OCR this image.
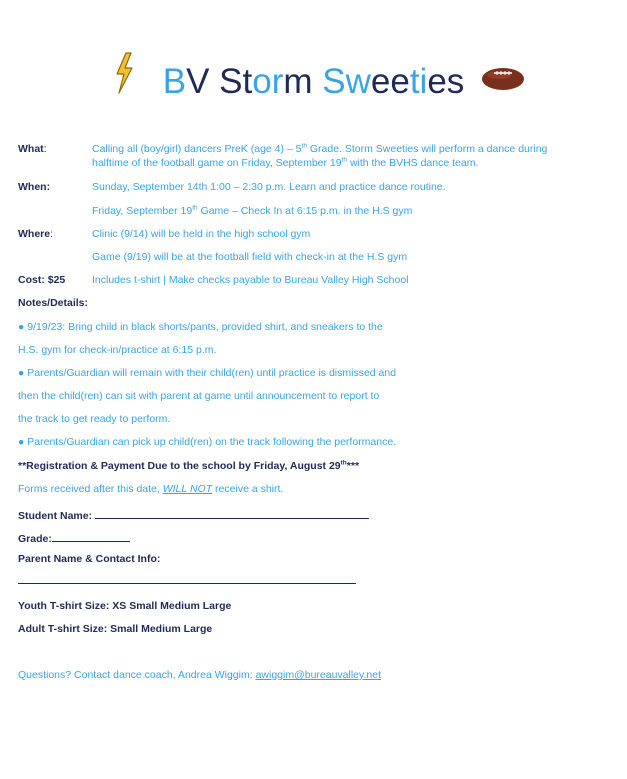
BV Storm Sweeties
What:	Calling all (boy/girl) dancers PreK (age 4) – 5th Grade. Storm Sweeties will perform a dance during
halftime of the football game on Friday, September 19th with the BVHS dance team.
When:	Sunday, September 14th 1:00 – 2:30 p.m. Learn and practice dance routine.
Friday, September 19th Game – Check In at 6:15 p.m. in the H.S gym
Where:	Clinic (9/14) will be held in the high school gym
Game (9/19) will be at the football field with check-in at the H.S gym
Cost: $25	Includes t-shirt | Make checks payable to Bureau Valley High School
Notes/Details:
● 9/19/23: Bring child in black shorts/pants, provided shirt, and sneakers to the
H.S. gym for check-in/practice at 6:15 p.m.
● Parents/Guardian will remain with their child(ren) until practice is dismissed and
then the child(ren) can sit with parent at game until announcement to report to
the track to get ready to perform.
● Parents/Guardian can pick up child(ren) on the track following the performance.
**Registration & Payment Due to the school by Friday, August 29th***
Forms received after this date, WILL NOT receive a shirt.
Student Name:
Grade:
Parent Name & Contact Info:
Youth T-shirt Size: XS Small Medium Large
Adult T-shirt Size: Small Medium Large
Questions? Contact dance coach, Andrea Wiggim: awiggim@bureauvalley.net
